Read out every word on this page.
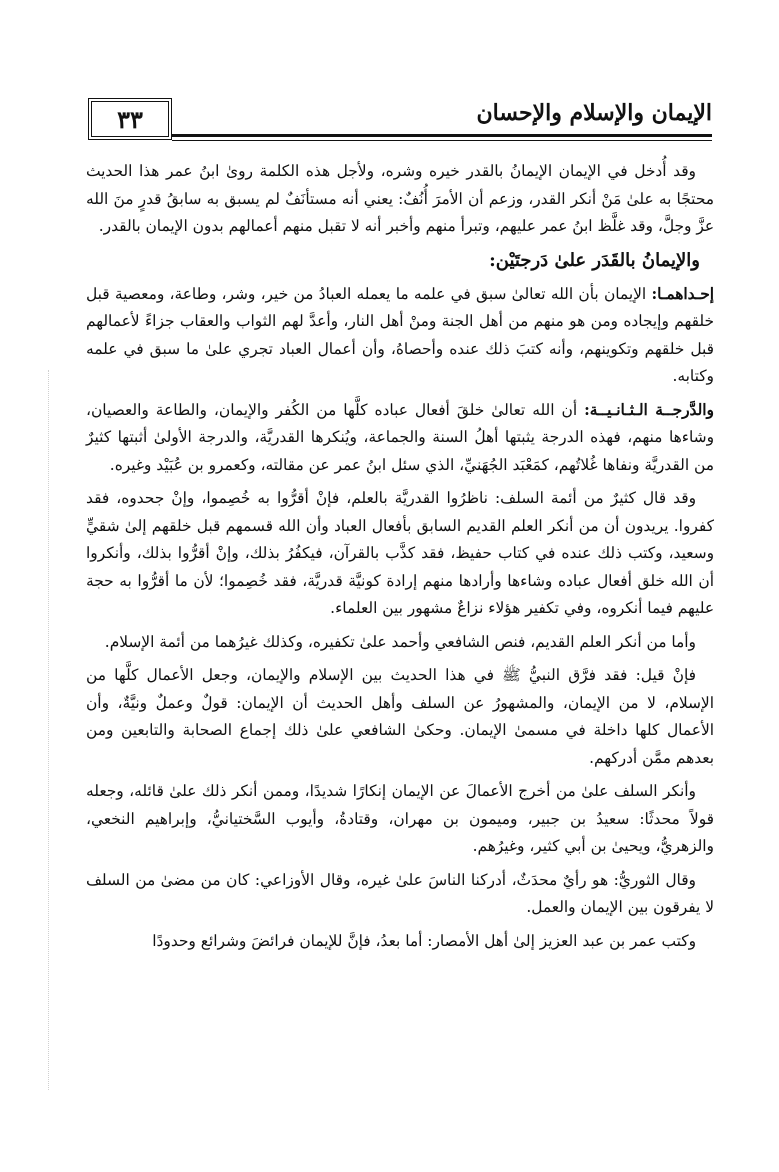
٣٣	الإيمان والإسلام والإحسان

وقد أُدخل في الإيمان الإيمانُ بالقدر خيره وشره، ولأجل هذه الكلمة روىٰ ابنُ عمر هذا الحديث محتجًا به علىٰ مَنْ أنكر القدر، وزعم أن الأمرَ أُنُفٌ: يعني أنه مستأنَفٌ لم يسبق به سابقُ قدرٍ منَ الله عزَّ وجلَّ، وقد غلَّظ ابنُ عمر عليهم، وتبرأ منهم وأخبر أنه لا تقبل منهم أعمالهم بدون الإيمان بالقدر.

والإيمانُ بالقَدَر علىٰ دَرجتَيْن:

إحـداهمـا: الإيمان بأن الله تعالىٰ سبق في علمه ما يعمله العبادُ من خير، وشر، وطاعة، ومعصية قبل خلقهم وإيجاده ومن هو منهم من أهل الجنة ومنْ أهل النار، وأعدَّ لهم الثواب والعقاب جزاءً لأعمالهم قبل خلقهم وتكوينهم، وأنه كتبَ ذلك عنده وأحصاهُ، وأن أعمال العباد تجري علىٰ ما سبق في علمه وكتابه.

والدَّرجــة الـثـانـيــة: أن الله تعالىٰ خلقَ أفعال عباده كلَّها من الكُفر والإيمان، والطاعة والعصيان، وشاءها منهم، فهذه الدرجة يثبتها أهلُ السنة والجماعة، ويُنكرها القدريَّة، والدرجة الأولىٰ أثبتها كثيرٌ من القدريَّة ونفاها غُلاتُهم، كمَعْبَد الجُهَنيِّ، الذي سئل ابنُ عمر عن مقالته، وكعمرو بن عُبَيْد وغيره.

وقد قال كثيرٌ من أئمة السلف: ناظرُوا القدريَّة بالعلم، فإنْ أقرُّوا به خُصِموا، وإنْ جحدوه، فقد كفروا. يريدون أن من أنكر العلم القديم السابق بأفعال العباد وأن الله قسمهم قبل خلقهم إلىٰ شقيٍّ وسعيد، وكتب ذلك عنده في كتاب حفيظ، فقد كذَّب بالقرآن، فيكفُرُ بذلك، وإنْ أقرُّوا بذلك، وأنكروا أن الله خلق أفعال عباده وشاءها وأرادها منهم إرادة كونيَّة قدريَّة، فقد خُصِموا؛ لأن ما أقرُّوا به حجة عليهم فيما أنكروه، وفي تكفير هؤلاء نزاعٌ مشهور بين العلماء.

وأما من أنكر العلم القديم، فنص الشافعي وأحمد علىٰ تكفيره، وكذلك غيرُهما من أئمة الإسلام.

فإنْ قيل: فقد فرَّق النبيُّ ﷺ في هذا الحديث بين الإسلام والإيمان، وجعل الأعمال كلَّها من الإسلام، لا من الإيمان، والمشهورُ عن السلف وأهل الحديث أن الإيمان: قولٌ وعملٌ ونيَّةٌ، وأن الأعمال كلها داخلة في مسمىٰ الإيمان. وحكىٰ الشافعي علىٰ ذلك إجماع الصحابة والتابعين ومن بعدهم ممَّن أدركهم.

وأنكر السلف علىٰ من أخرج الأعمالَ عن الإيمان إنكارًا شديدًا، وممن أنكر ذلك علىٰ قائله، وجعله قولاً محدثًا: سعيدُ بن جبير، وميمون بن مهران، وقتادةُ، وأيوب السَّختيانيُّ، وإبراهيم النخعي، والزهريُّ، ويحيىٰ بن أبي كثير، وغيرُهم.

وقال الثوريُّ: هو رأيٌ محدَثٌ، أدركنا الناسَ علىٰ غيره، وقال الأوزاعي: كان من مضىٰ من السلف لا يفرقون بين الإيمان والعمل.

وكتب عمر بن عبد العزيز إلىٰ أهل الأمصار: أما بعدُ، فإنَّ للإيمان فرائضَ وشرائع وحدودًا
